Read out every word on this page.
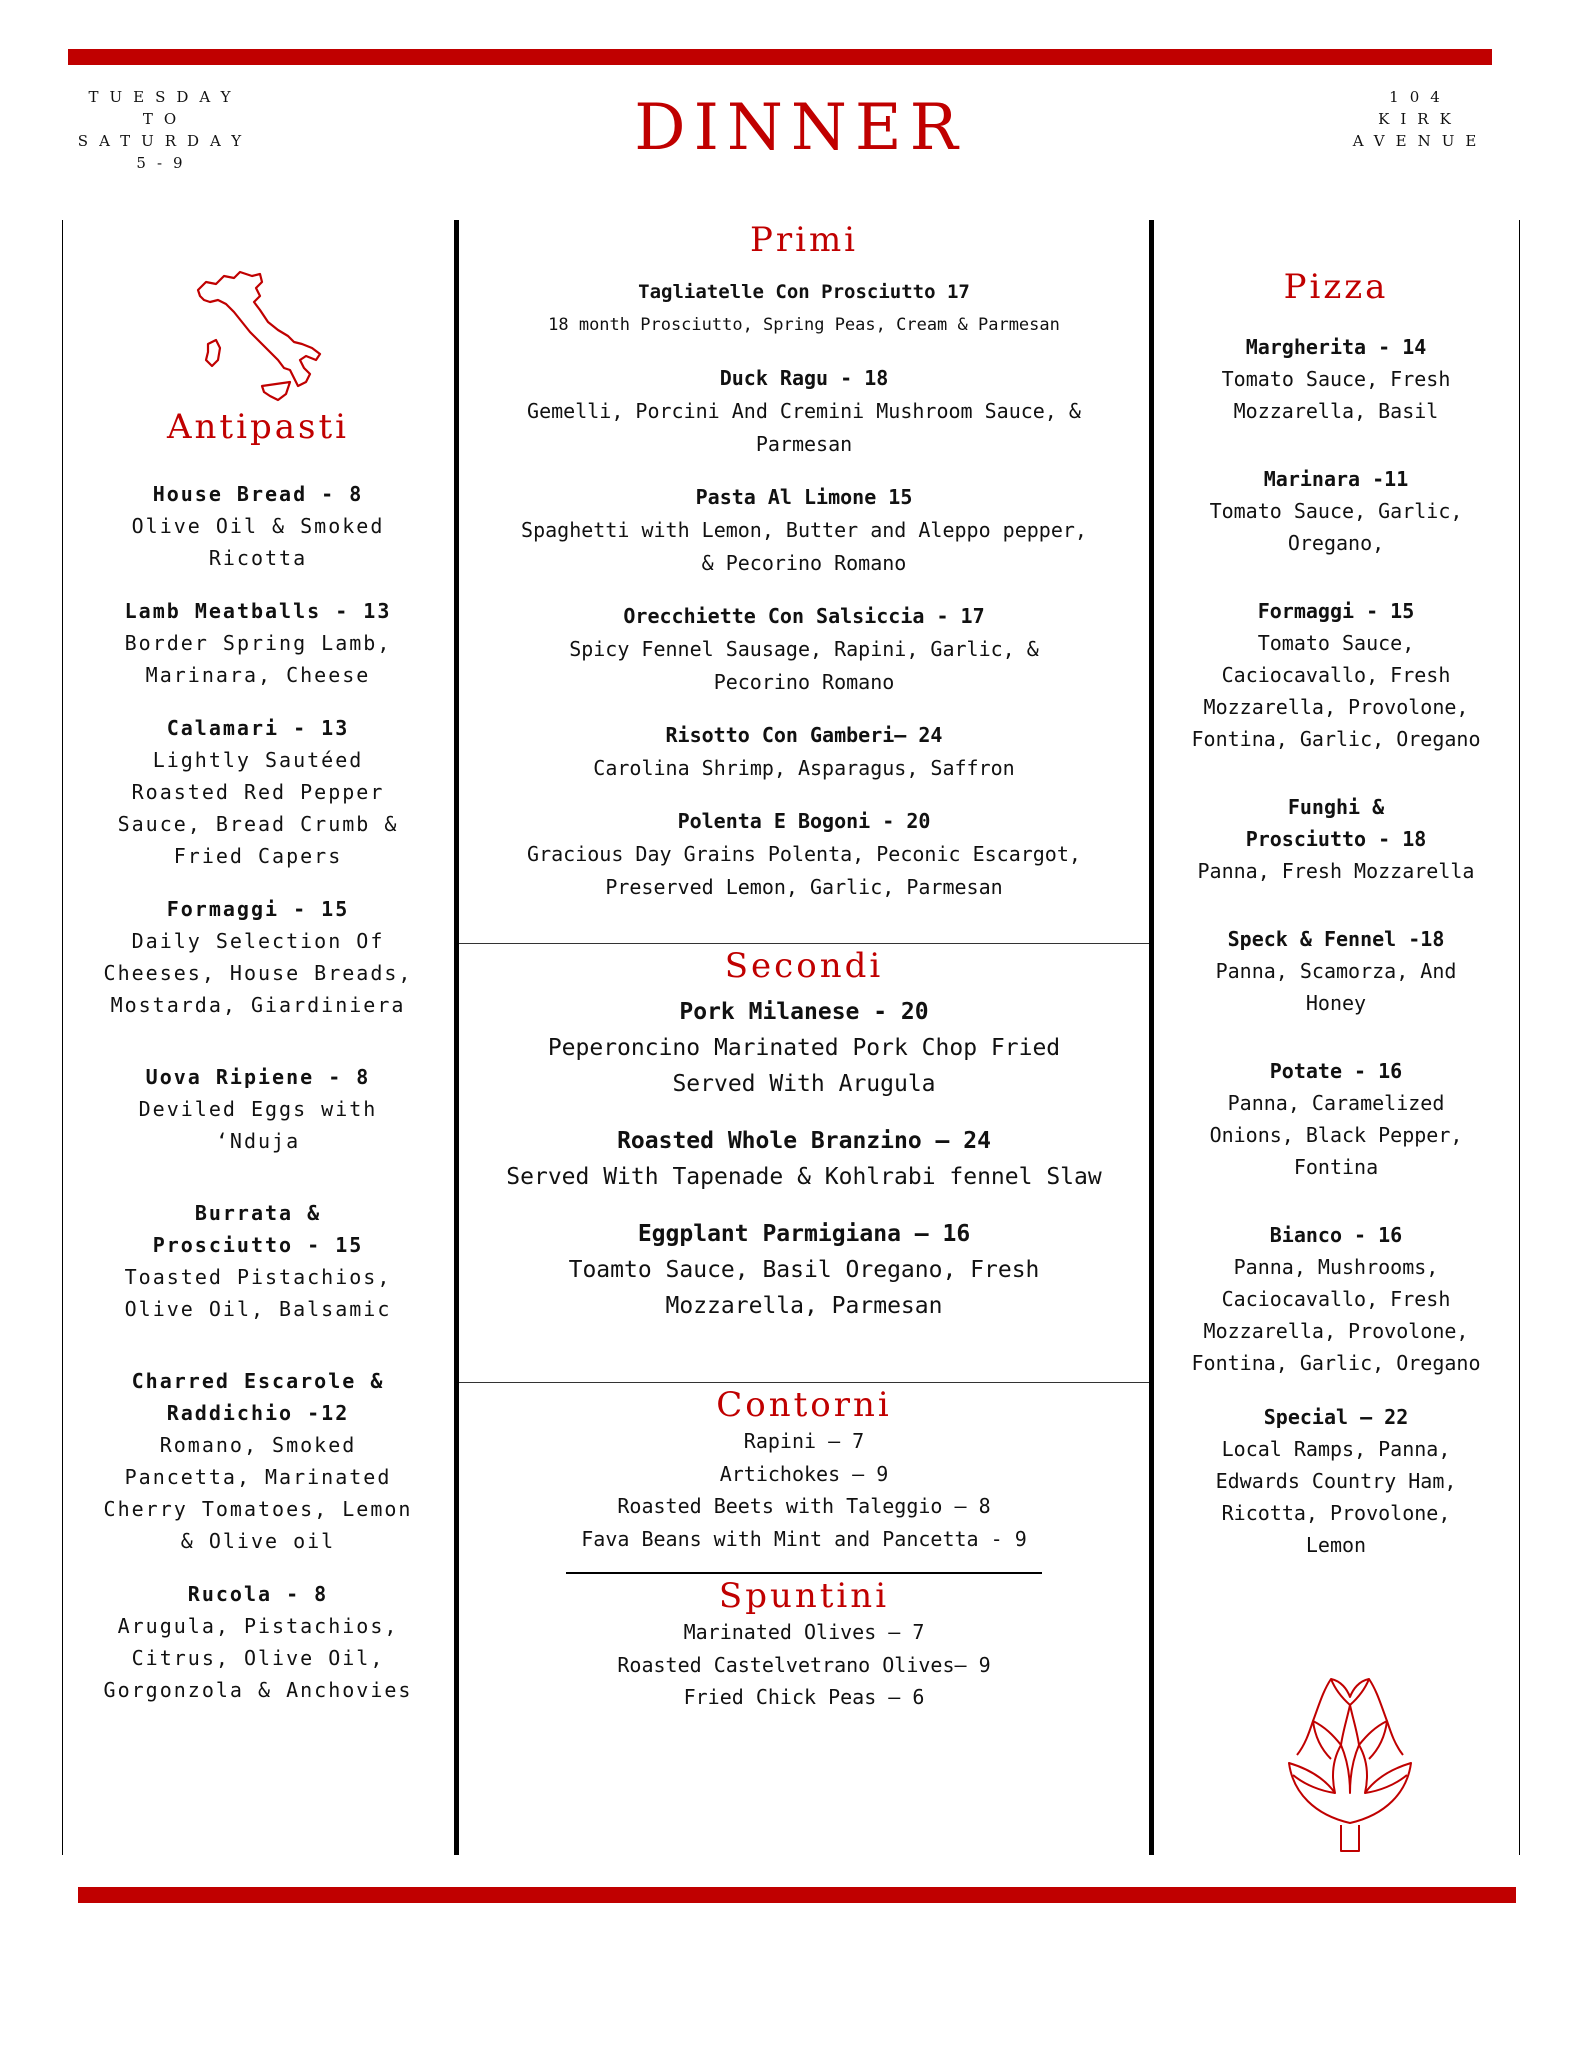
TUESDAY
TO
SATURDAY
5-9	DINNER	104
KIRK
AVENUE
Antipasti
House Bread - 8
Olive Oil & Smoked
Ricotta
Lamb Meatballs - 13
Border Spring Lamb,
Marinara, Cheese
Calamari - 13
Lightly Sautéed
Roasted Red Pepper
Sauce, Bread Crumb &
Fried Capers
Formaggi - 15
Daily Selection Of
Cheeses, House Breads,
Mostarda, Giardiniera
Uova Ripiene - 8
Deviled Eggs with
‘Nduja
Burrata &
Prosciutto - 15
Toasted Pistachios,
Olive Oil, Balsamic
Charred Escarole &
Raddichio -12
Romano, Smoked
Pancetta, Marinated
Cherry Tomatoes, Lemon
& Olive oil
Rucola - 8
Arugula, Pistachios,
Citrus, Olive Oil,
Gorgonzola & Anchovies
Primi
Tagliatelle Con Prosciutto 17
18 month Prosciutto, Spring Peas, Cream & Parmesan
Duck Ragu - 18
Gemelli, Porcini And Cremini Mushroom Sauce, &
Parmesan
Pasta Al Limone 15
Spaghetti with Lemon, Butter and Aleppo pepper,
& Pecorino Romano
Orecchiette Con Salsiccia - 17
Spicy Fennel Sausage, Rapini, Garlic, &
Pecorino Romano
Risotto Con Gamberi– 24
Carolina Shrimp, Asparagus, Saffron
Polenta E Bogoni - 20
Gracious Day Grains Polenta, Peconic Escargot,
Preserved Lemon, Garlic, Parmesan
Secondi
Pork Milanese - 20
Peperoncino Marinated Pork Chop Fried
Served With Arugula
Roasted Whole Branzino – 24
Served With Tapenade & Kohlrabi fennel Slaw
Eggplant Parmigiana – 16
Toamto Sauce, Basil Oregano, Fresh
Mozzarella, Parmesan
Contorni
Rapini – 7
Artichokes – 9
Roasted Beets with Taleggio – 8
Fava Beans with Mint and Pancetta - 9
Spuntini
Marinated Olives – 7
Roasted Castelvetrano Olives– 9
Fried Chick Peas – 6
Pizza
Margherita - 14
Tomato Sauce, Fresh
Mozzarella, Basil
Marinara -11
Tomato Sauce, Garlic,
Oregano,
Formaggi - 15
Tomato Sauce,
Caciocavallo, Fresh
Mozzarella, Provolone,
Fontina, Garlic, Oregano
Funghi &
Prosciutto - 18
Panna, Fresh Mozzarella
Speck & Fennel -18
Panna, Scamorza, And
Honey
Potate - 16
Panna, Caramelized
Onions, Black Pepper,
Fontina
Bianco - 16
Panna, Mushrooms,
Caciocavallo, Fresh
Mozzarella, Provolone,
Fontina, Garlic, Oregano
Special – 22
Local Ramps, Panna,
Edwards Country Ham,
Ricotta, Provolone,
Lemon
